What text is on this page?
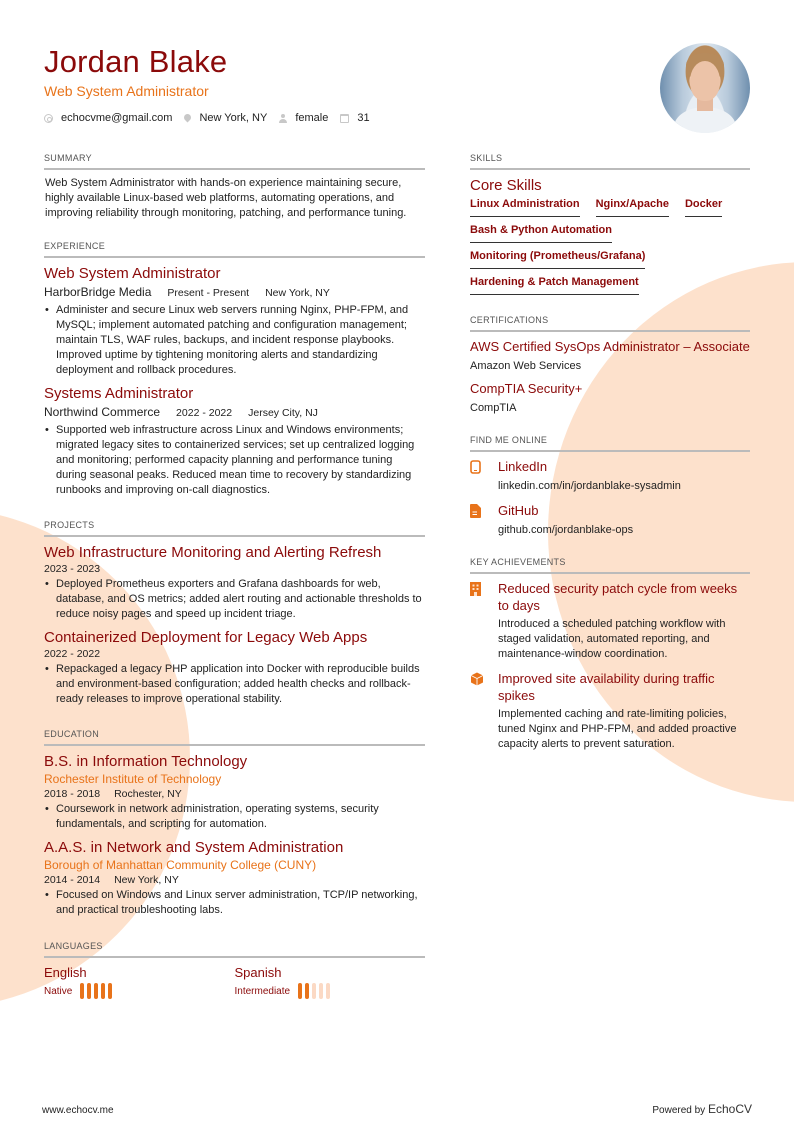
Jordan Blake
Web System Administrator
echocvme@gmail.com New York, NY	female	31
SUMMARY
Web System Administrator with hands-on experience maintaining secure, highly available Linux-based web platforms, automating operations, and improving reliability through monitoring, patching, and performance tuning.
EXPERIENCE
Web System Administrator
HarborBridge Media Present - Present New York, NY
• Administer and secure Linux web servers running Nginx, PHP-FPM, and MySQL; implement automated patching and configuration management; maintain TLS, WAF rules, backups, and incident response playbooks. Improved uptime by tightening monitoring alerts and standardizing deployment and rollback procedures.
Systems Administrator
Northwind Commerce 2022 - 2022 Jersey City, NJ
• Supported web infrastructure across Linux and Windows environments; migrated legacy sites to containerized services; set up centralized logging and monitoring; performed capacity planning and performance tuning during seasonal peaks. Reduced mean time to recovery by standardizing runbooks and improving on-call diagnostics.
PROJECTS
Web Infrastructure Monitoring and Alerting Refresh
2023 - 2023
• Deployed Prometheus exporters and Grafana dashboards for web, database, and OS metrics; added alert routing and actionable thresholds to reduce noisy pages and speed up incident triage.
Containerized Deployment for Legacy Web Apps
2022 - 2022
• Repackaged a legacy PHP application into Docker with reproducible builds and environment-based configuration; added health checks and rollback-ready releases to improve operational stability.
EDUCATION
B.S. in Information Technology
Rochester Institute of Technology
2018 - 2018 Rochester, NY
• Coursework in network administration, operating systems, security fundamentals, and scripting for automation.
A.A.S. in Network and System Administration
Borough of Manhattan Community College (CUNY)
2014 - 2014 New York, NY
• Focused on Windows and Linux server administration, TCP/IP networking, and practical troubleshooting labs.
LANGUAGES
English
Native
Spanish
Intermediate
SKILLS
Core Skills
Linux Administration Nginx/Apache Docker
Bash & Python Automation
Monitoring (Prometheus/Grafana)
Hardening & Patch Management
CERTIFICATIONS
AWS Certified SysOps Administrator – Associate
Amazon Web Services
CompTIA Security+
CompTIA
FIND ME ONLINE
LinkedIn
linkedin.com/in/jordanblake-sysadmin
GitHub
github.com/jordanblake-ops
KEY ACHIEVEMENTS
Reduced security patch cycle from weeks to days
Introduced a scheduled patching workflow with staged validation, automated reporting, and maintenance-window coordination.
Improved site availability during traffic spikes
Implemented caching and rate-limiting policies, tuned Nginx and PHP-FPM, and added proactive capacity alerts to prevent saturation.
www.echocv.me	Powered by EchoCV
